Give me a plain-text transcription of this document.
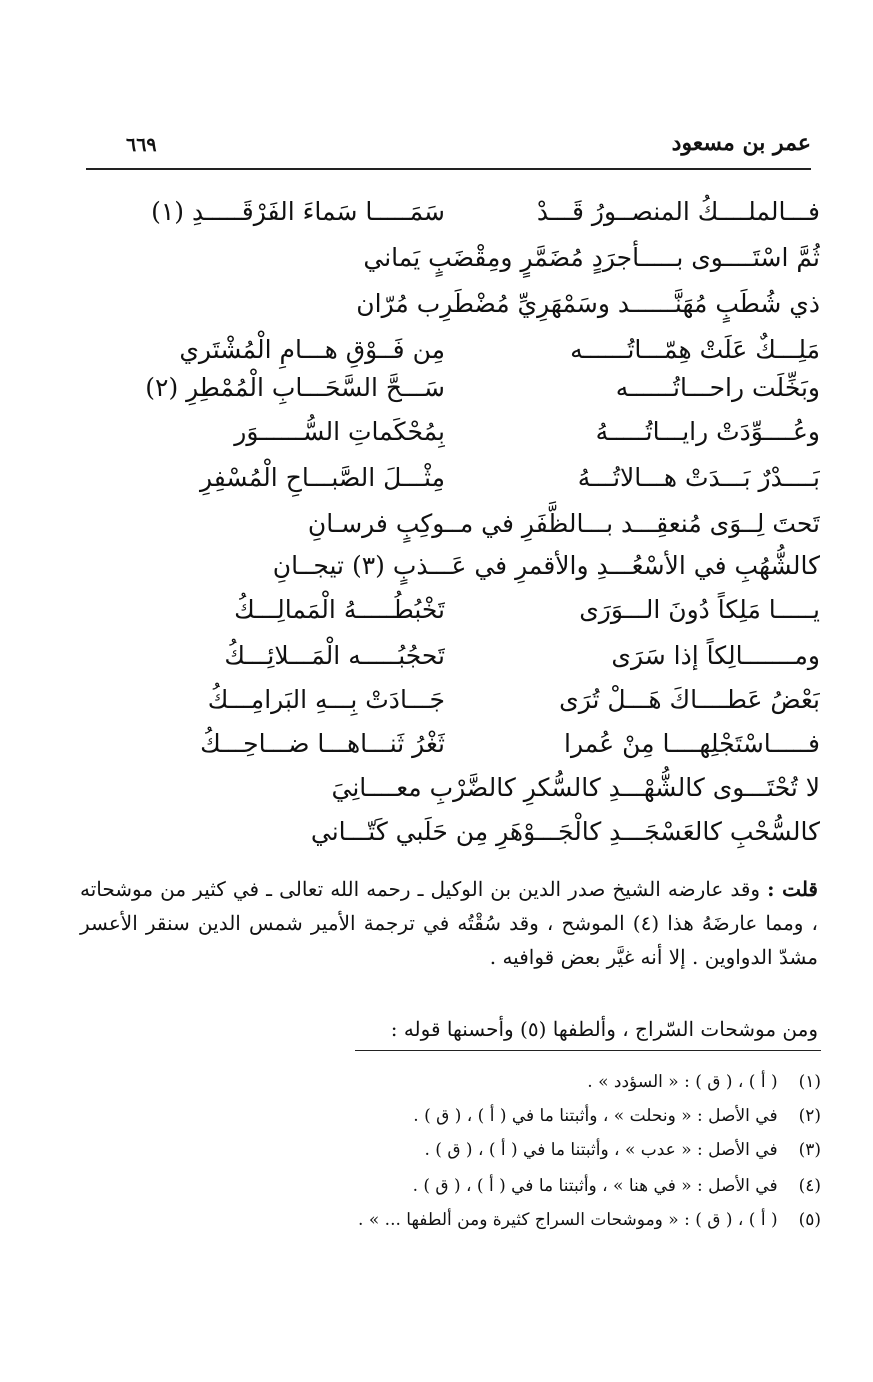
عمر بن مسعود
٦٦٩
فـــالملــــكُ المنصــورُ قَـــدْ
سَمَـــــا سَماءَ الفَرْقَـــــدِ (١)
ثُمَّ اسْتَــــوى بـــــأجرَدٍ مُضَمَّرٍ ومِقْضَبٍ يَماني
ذي شُطَبٍ مُهَنَّــــــد وسَمْهَرِيِّ مُضْطَرِب مُرّان
مَلِـــكٌ عَلَتْ هِمّـــاتُــــــه
مِن فَــوْقِ هـــامِ الْمُشْتَري
وبَخِّلَت راحـــاتُــــــه
سَـــحَّ السَّحَـــابِ الْمُمْطِرِ (٢)
وعُــــوِّدَتْ رايـــاتُـــــهُ
بِمُحْكَماتِ السُّــــــوَر
بَــــدْرٌ بَـــدَتْ هـــالاتُـــهُ
مِثْـــلَ الصَّبـــاحِ الْمُسْفِرِ
تَحتَ لِــوَى مُنعقِـــد بـــالظَّفَرِ في مــوكِبٍ فرسـانِ
كالشُّهُبِ في الأسْعُـــدِ والأقمرِ في عَـــذبٍ (٣) تيجــانِ
يـــــا مَلِكاً دُونَ الـــوَرَى
تَخْبُطُـــــهُ الْمَمالِـــكُ
ومـــــــالِكاً إذا سَرَى
تَحجُبُـــــه الْمَـــلائِـــكُ
بَعْضُ عَطــــاكَ هَـــلْ تُرَى
جَـــادَتْ بِـــهِ البَرامِـــكُ
فـــــاسْتَجْلِهــــا مِنْ عُمرا
ثَغْرُ ثَنـــاهـــا ضـــاحِـــكُ
لا تُحْتَـــوى كالشُّهْـــدِ كالسُّكرِ كالضَّرْبِ معــــانِيَ
كالسُّحْبِ كالعَسْجَـــدِ كالْجَـــوْهَرِ مِن حَلَبي كَتّـــاني
قلت : وقد عارضه الشيخ صدر الدين بن الوكيل ـ رحمه الله تعالى ـ في كثير من موشحاته ، ومما عارضَهُ هذا (٤) الموشح ، وقد سُقْتُه في ترجمة الأمير شمس الدين سنقر الأعسر مشدّ الدواوين . إلا أنه غيَّر بعض قوافيه .
ومن موشحات السّراج ، وألطفها (٥) وأحسنها قوله :
(١) ( أ ) ، ( ق ) : « السؤدد » .
(٢) في الأصل : « ونحلت » ، وأثبتنا ما في ( أ ) ، ( ق ) .
(٣) في الأصل : « عدب » ، وأثبتنا ما في ( أ ) ، ( ق ) .
(٤) في الأصل : « في هنا » ، وأثبتنا ما في ( أ ) ، ( ق ) .
(٥) ( أ ) ، ( ق ) : « وموشحات السراج كثيرة ومن ألطفها ... » .
